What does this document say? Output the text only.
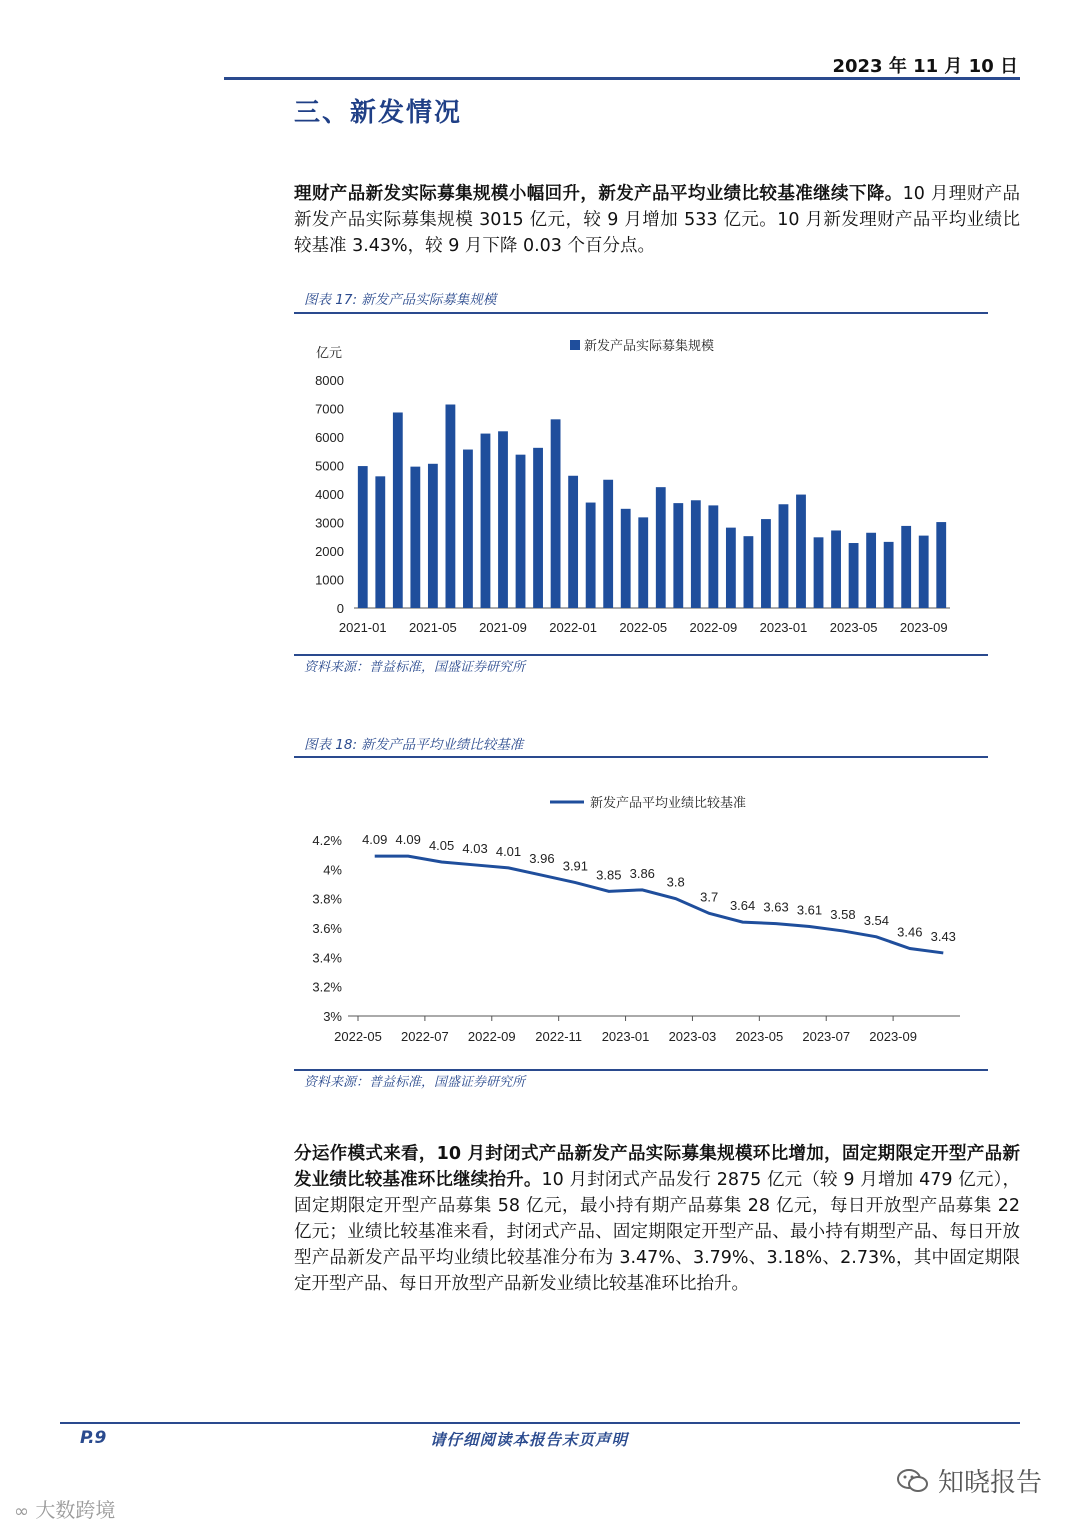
2023 年 11 月 10 日
三、新发情况
理财产品新发实际募集规模小幅回升，新发产品平均业绩比较基准继续下降。10 月理财产品新发产品实际募集规模 3015 亿元，较 9 月增加 533 亿元。10 月新发理财产品平均业绩比较基准 3.43%，较 9 月下降 0.03 个百分点。
图表 17: 新发产品实际募集规模
新发产品实际募集规模
亿元
0
1000
2000
3000
4000
5000
6000
7000
8000
2021-01 2021-05 2021-09 2022-01 2022-05 2022-09 2023-01 2023-05 2023-09
资料来源：普益标准，国盛证券研究所
图表 18: 新发产品平均业绩比较基准
新发产品平均业绩比较基准
3%
3.2%
3.4%
3.6%
3.8%
4%
4.2% 4.09 4.09 4.05 4.03 4.01 3.96 3.91
3.85 3.86
3.8
3.7
3.64 3.63 3.61 3.58 3.54
3.46 3.43
2022-05 2022-07 2022-09 2022-11 2023-01 2023-03 2023-05 2023-07 2023-09
资料来源：普益标准，国盛证券研究所
分运作模式来看，10 月封闭式产品新发产品实际募集规模环比增加，固定期限定开型产品新发业绩比较基准环比继续抬升。10 月封闭式产品发行 2875 亿元（较 9 月增加 479 亿元），固定期限定开型产品募集 58 亿元，最小持有期产品募集 28 亿元，每日开放型产品募集 22 亿元；业绩比较基准来看，封闭式产品、固定期限定开型产品、最小持有期型产品、每日开放型产品新发产品平均业绩比较基准分布为 3.47%、3.79%、3.18%、2.73%，其中固定期限定开型产品、每日开放型产品新发业绩比较基准环比抬升。
P.9	请仔细阅读本报告末页声明
知晓报告
∞ 大数跨境
